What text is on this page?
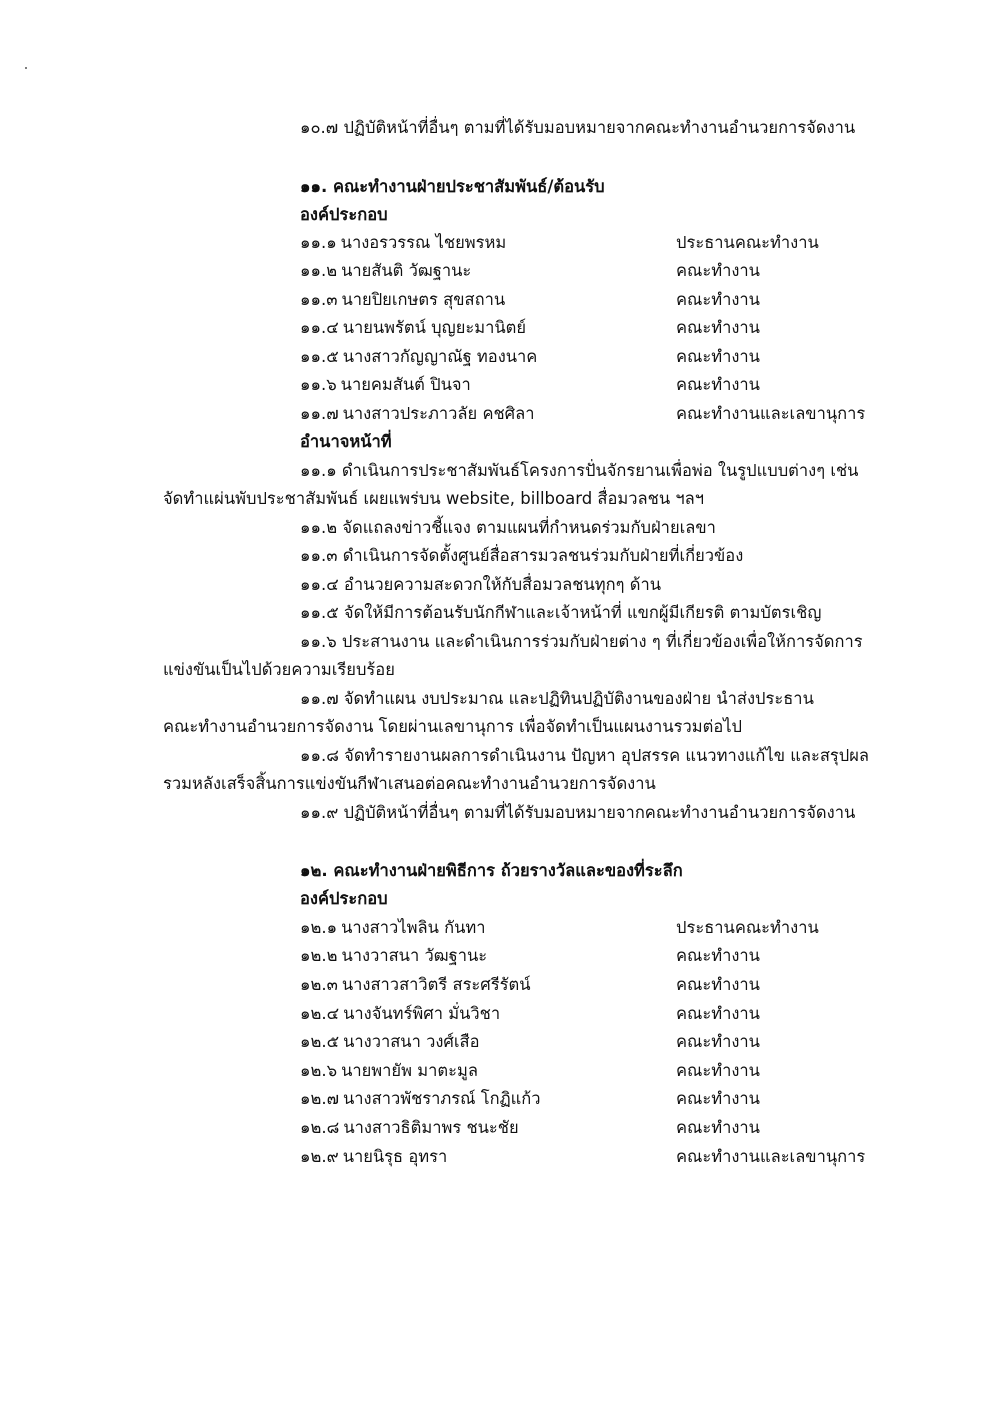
๑๐.๗ ปฏิบัติหน้าที่อื่นๆ ตามที่ได้รับมอบหมายจากคณะทำงานอำนวยการจัดงาน
๑๑. คณะทำงานฝ่ายประชาสัมพันธ์/ต้อนรับ
องค์ประกอบ
๑๑.๑ นางอรวรรณ ไชยพรหม	ประธานคณะทำงาน
๑๑.๒ นายสันติ วัฒฐานะ	คณะทำงาน
๑๑.๓ นายปิยเกษตร สุขสถาน	คณะทำงาน
๑๑.๔ นายนพรัตน์ บุญยะมานิตย์	คณะทำงาน
๑๑.๕ นางสาวกัญญาณัฐ ทองนาค	คณะทำงาน
๑๑.๖ นายคมสันต์ ปินจา	คณะทำงาน
๑๑.๗ นางสาวประภาวลัย คชศิลา	คณะทำงานและเลขานุการ
อำนาจหน้าที่
๑๑.๑ ดำเนินการประชาสัมพันธ์โครงการปั่นจักรยานเพื่อพ่อ ในรูปแบบต่างๆ เช่น
จัดทำแผ่นพับประชาสัมพันธ์ เผยแพร่บน website, billboard สื่อมวลชน ฯลฯ
๑๑.๒ จัดแถลงข่าวชี้แจง ตามแผนที่กำหนดร่วมกับฝ่ายเลขา
๑๑.๓ ดำเนินการจัดตั้งศูนย์สื่อสารมวลชนร่วมกับฝ่ายที่เกี่ยวข้อง
๑๑.๔ อำนวยความสะดวกให้กับสื่อมวลชนทุกๆ ด้าน
๑๑.๕ จัดให้มีการต้อนรับนักกีฬาและเจ้าหน้าที่ แขกผู้มีเกียรติ ตามบัตรเชิญ
๑๑.๖ ประสานงาน และดำเนินการร่วมกับฝ่ายต่าง ๆ ที่เกี่ยวข้องเพื่อให้การจัดการ
แข่งขันเป็นไปด้วยความเรียบร้อย
๑๑.๗ จัดทำแผน งบประมาณ และปฏิทินปฏิบัติงานของฝ่าย นำส่งประธาน
คณะทำงานอำนวยการจัดงาน โดยผ่านเลขานุการ เพื่อจัดทำเป็นแผนงานรวมต่อไป
๑๑.๘ จัดทำรายงานผลการดำเนินงาน ปัญหา อุปสรรค แนวทางแก้ไข และสรุปผล
รวมหลังเสร็จสิ้นการแข่งขันกีฬาเสนอต่อคณะทำงานอำนวยการจัดงาน
๑๑.๙ ปฏิบัติหน้าที่อื่นๆ ตามที่ได้รับมอบหมายจากคณะทำงานอำนวยการจัดงาน
๑๒. คณะทำงานฝ่ายพิธีการ ถ้วยรางวัลและของที่ระลึก
องค์ประกอบ
๑๒.๑ นางสาวไพลิน กันทา	ประธานคณะทำงาน
๑๒.๒ นางวาสนา วัฒฐานะ	คณะทำงาน
๑๒.๓ นางสาวสาวิตรี สระศรีรัตน์	คณะทำงาน
๑๒.๔ นางจันทร์พิศา มั่นวิชา	คณะทำงาน
๑๒.๕ นางวาสนา วงศ์เสือ	คณะทำงาน
๑๒.๖ นายพายัพ มาตะมูล	คณะทำงาน
๑๒.๗ นางสาวพัชราภรณ์ โกฏิแก้ว	คณะทำงาน
๑๒.๘ นางสาวธิติมาพร ชนะชัย	คณะทำงาน
๑๒.๙ นายนิรุธ อุทรา	คณะทำงานและเลขานุการ
